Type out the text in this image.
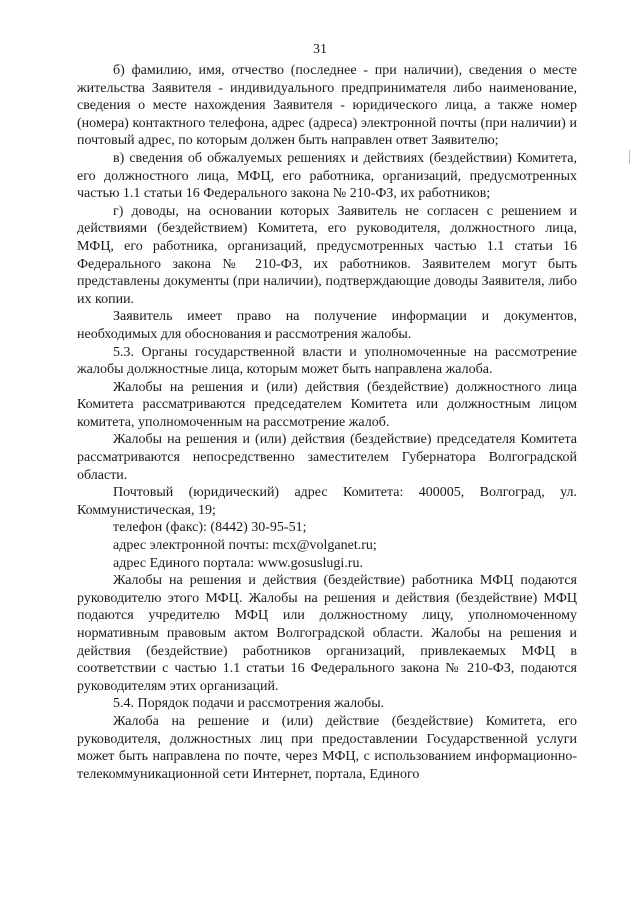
31

б) фамилию, имя, отчество (последнее - при наличии), сведения о месте жительства Заявителя - индивидуального предпринимателя либо наименование, сведения о месте нахождения Заявителя - юридического лица, а также номер (номера) контактного телефона, адрес (адреса) электронной почты (при наличии) и почтовый адрес, по которым должен быть направлен ответ Заявителю;

в) сведения об обжалуемых решениях и действиях (бездействии) Комитета, его должностного лица, МФЦ, его работника, организаций, предусмотренных частью 1.1 статьи 16 Федерального закона № 210-ФЗ, их работников;

г) доводы, на основании которых Заявитель не согласен с решением и действиями (бездействием) Комитета, его руководителя, должностного лица, МФЦ, его работника, организаций, предусмотренных частью 1.1 статьи 16 Федерального закона № 210-ФЗ, их работников. Заявителем могут быть представлены документы (при наличии), подтверждающие доводы Заявителя, либо их копии.

Заявитель имеет право на получение информации и документов, необходимых для обоснования и рассмотрения жалобы.

5.3. Органы государственной власти и уполномоченные на рассмотрение жалобы должностные лица, которым может быть направлена жалоба.

Жалобы на решения и (или) действия (бездействие) должностного лица Комитета рассматриваются председателем Комитета или должностным лицом комитета, уполномоченным на рассмотрение жалоб.

Жалобы на решения и (или) действия (бездействие) председателя Комитета рассматриваются непосредственно заместителем Губернатора Волгоградской области.

Почтовый (юридический) адрес Комитета: 400005, Волгоград, ул. Коммунистическая, 19;

телефон (факс): (8442) 30-95-51;

адрес электронной почты: mcx@volganet.ru;

адрес Единого портала: www.gosuslugi.ru.

Жалобы на решения и действия (бездействие) работника МФЦ подаются руководителю этого МФЦ. Жалобы на решения и действия (бездействие) МФЦ подаются учредителю МФЦ или должностному лицу, уполномоченному нормативным правовым актом Волгоградской области. Жалобы на решения и действия (бездействие) работников организаций, привлекаемых МФЦ в соответствии с частью 1.1 статьи 16 Федерального закона № 210-ФЗ, подаются руководителям этих организаций.

5.4. Порядок подачи и рассмотрения жалобы.

Жалоба на решение и (или) действие (бездействие) Комитета, его руководителя, должностных лиц при предоставлении Государственной услуги может быть направлена по почте, через МФЦ, с использованием информационно-телекоммуникационной сети Интернет, портала, Единого
